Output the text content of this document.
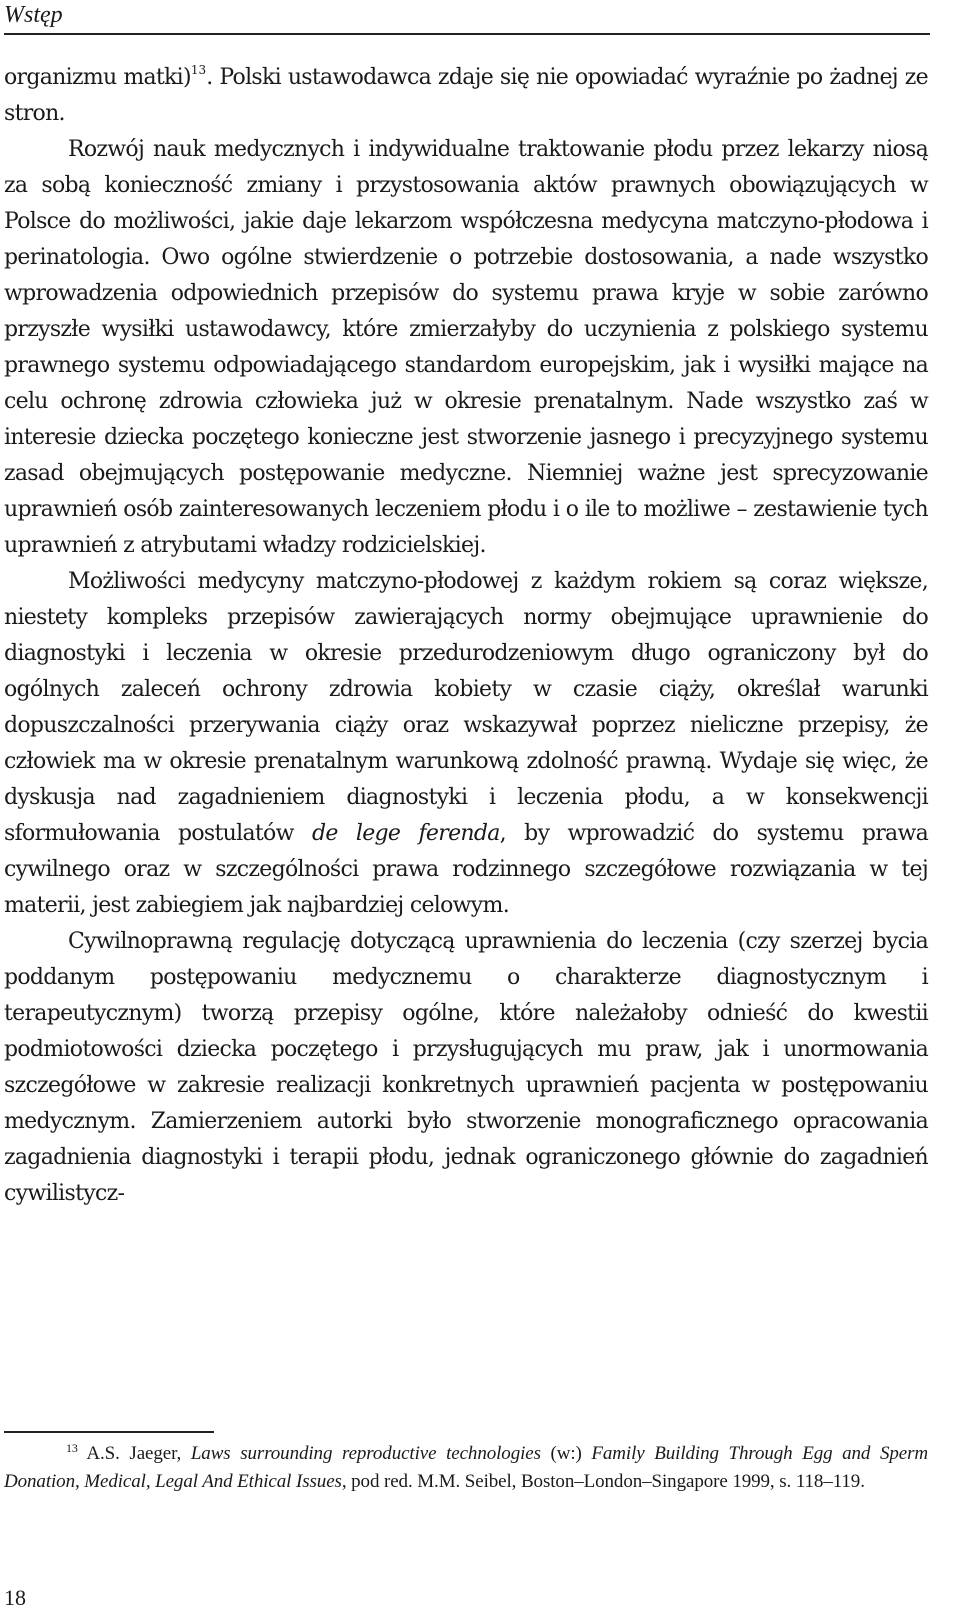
Wstęp

organizmu matki)$^{13}$. Polski ustawodawca zdaje się nie opowiadać wyraźnie po żadnej ze stron.

Rozwój nauk medycznych i indywidualne traktowanie płodu przez lekarzy niosą za sobą konieczność zmiany i przystosowania aktów prawnych obowiązujących w Polsce do możliwości, jakie daje lekarzom współczesna medycyna matczyno-płodowa i perinatologia. Owo ogólne stwierdzenie o potrzebie dostosowania, a nade wszystko wprowadzenia odpowiednich przepisów do systemu prawa kryje w sobie zarówno przyszłe wysiłki ustawodawcy, które zmierzałyby do uczynienia z polskiego systemu prawnego systemu odpowiadającego standardom europejskim, jak i wysiłki mające na celu ochronę zdrowia człowieka już w okresie prenatalnym. Nade wszystko zaś w interesie dziecka poczętego konieczne jest stworzenie jasnego i precyzyjnego systemu zasad obejmujących postępowanie medyczne. Niemniej ważne jest sprecyzowanie uprawnień osób zainteresowanych leczeniem płodu i o ile to możliwe – zestawienie tych uprawnień z atrybutami władzy rodzicielskiej.

Możliwości medycyny matczyno-płodowej z każdym rokiem są coraz większe, niestety kompleks przepisów zawierających normy obejmujące uprawnienie do diagnostyki i leczenia w okresie przedurodzeniowym długo ograniczony był do ogólnych zaleceń ochrony zdrowia kobiety w czasie ciąży, określał warunki dopuszczalności przerywania ciąży oraz wskazywał poprzez nieliczne przepisy, że człowiek ma w okresie prenatalnym warunkową zdolność prawną. Wydaje się więc, że dyskusja nad zagadnieniem diagnostyki i leczenia płodu, a w konsekwencji sformułowania postulatów de lege ferenda, by wprowadzić do systemu prawa cywilnego oraz w szczególności prawa rodzinnego szczegółowe rozwiązania w tej materii, jest zabiegiem jak najbardziej celowym.

Cywilnoprawną regulację dotyczącą uprawnienia do leczenia (czy szerzej bycia poddanym postępowaniu medycznemu o charakterze diagnostycznym i terapeutycznym) tworzą przepisy ogólne, które należałoby odnieść do kwestii podmiotowości dziecka poczętego i przysługujących mu praw, jak i unormowania szczegółowe w zakresie realizacji konkretnych uprawnień pacjenta w postępowaniu medycznym. Zamierzeniem autorki było stworzenie monograficznego opracowania zagadnienia diagnostyki i terapii płodu, jednak ograniczonego głównie do zagadnień cywilistycz-

$^{13}$ A.S. Jaeger, Laws surrounding reproductive technologies (w:) Family Building Through Egg and Sperm Donation, Medical, Legal And Ethical Issues, pod red. M.M. Seibel, Boston–London–Singapore 1999, s. 118–119.

18
